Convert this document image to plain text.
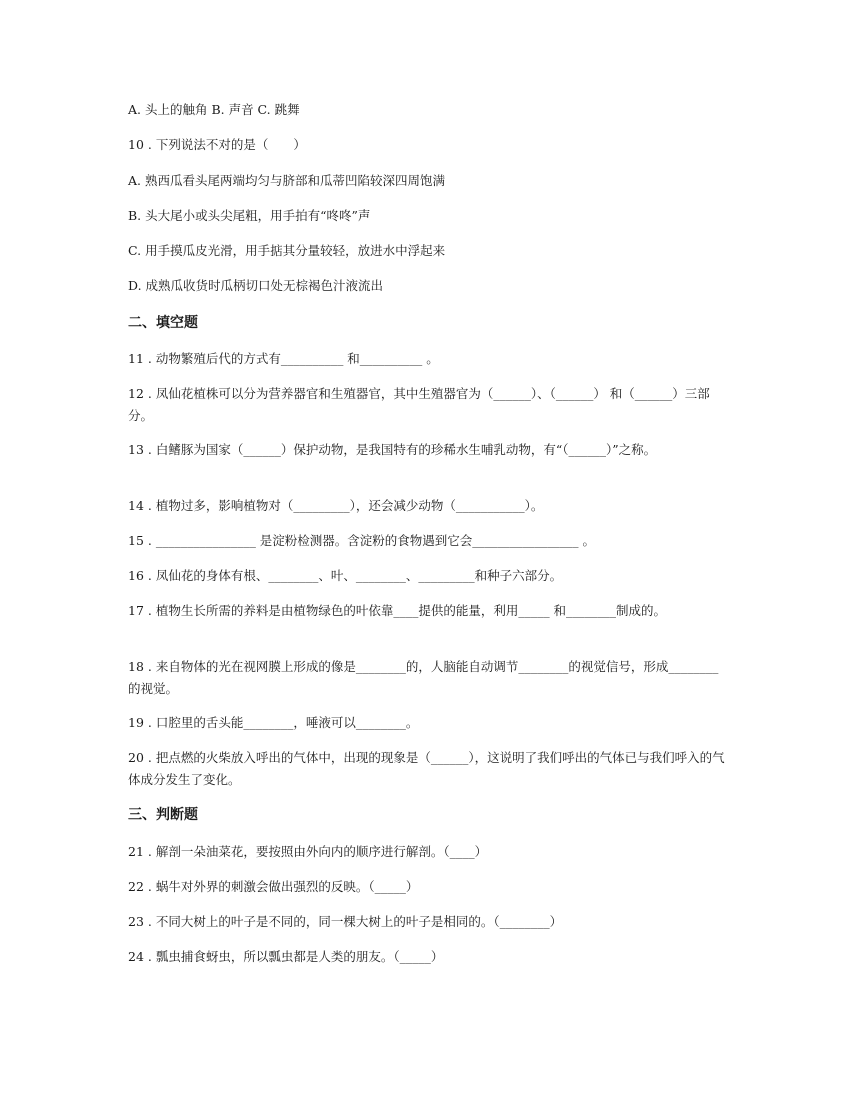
A. 头上的触角 B. 声音 C. 跳舞
10 . 下列说法不对的是（　　）
A. 熟西瓜看头尾两端均匀与脐部和瓜蒂凹陷较深四周饱满
B. 头大尾小或头尖尾粗，用手拍有“咚咚”声
C. 用手摸瓜皮光滑，用手掂其分量较轻，放进水中浮起来
D. 成熟瓜收货时瓜柄切口处无棕褐色汁液流出
二、填空题
11 . 动物繁殖后代的方式有__________ 和__________ 。
12 . 凤仙花植株可以分为营养器官和生殖器官，其中生殖器官为（______）、（______） 和（______）三部分。
13 . 白鳍豚为国家（______）保护动物，是我国特有的珍稀水生哺乳动物，有“（______）”之称。
14 . 植物过多，影响植物对（_________），还会减少动物（___________）。
15 . ________________ 是淀粉检测器。含淀粉的食物遇到它会_________________ 。
16 . 凤仙花的身体有根、________、叶、________、_________和种子六部分。
17 . 植物生长所需的养料是由植物绿色的叶依靠____提供的能量，利用_____ 和________制成的。
18 . 来自物体的光在视网膜上形成的像是________的，人脑能自动调节________的视觉信号，形成________的视觉。
19 . 口腔里的舌头能________，唾液可以________。
20 . 把点燃的火柴放入呼出的气体中，出现的现象是（______），这说明了我们呼出的气体已与我们呼入的气体成分发生了变化。
三、判断题
21 . 解剖一朵油菜花，要按照由外向内的顺序进行解剖。（____）
22 . 蜗牛对外界的刺激会做出强烈的反映。（_____）
23 . 不同大树上的叶子是不同的，同一棵大树上的叶子是相同的。（________）
24 . 瓢虫捕食蚜虫，所以瓢虫都是人类的朋友。（_____）
